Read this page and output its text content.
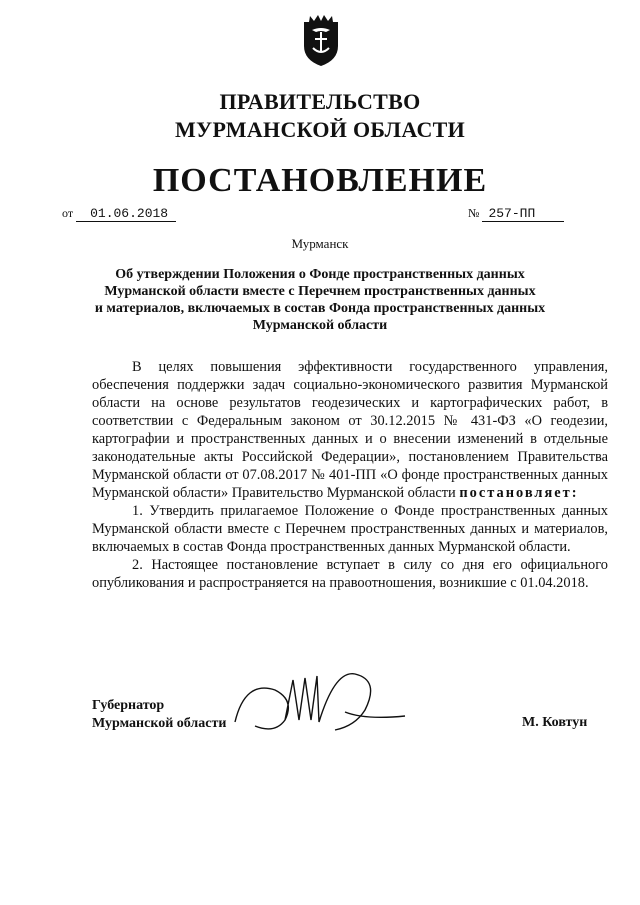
ПРАВИТЕЛЬСТВО
МУРМАНСКОЙ ОБЛАСТИ
ПОСТАНОВЛЕНИЕ
от 01.06.2018	№ 257-ПП
Мурманск
Об утверждении Положения о Фонде пространственных данных
Мурманской области вместе с Перечнем пространственных данных
и материалов, включаемых в состав Фонда пространственных данных
Мурманской области

В целях повышения эффективности государственного управления, обеспечения поддержки задач социально-экономического развития Мурманской области на основе результатов геодезических и картографических работ, в соответствии с Федеральным законом от 30.12.2015 № 431-ФЗ «О геодезии, картографии и пространственных данных и о внесении изменений в отдельные законодательные акты Российской Федерации», постановлением Правительства Мурманской области от 07.08.2017 № 401-ПП «О фонде пространственных данных Мурманской области» Правительство Мурманской области постановляет:

1. Утвердить прилагаемое Положение о Фонде пространственных данных Мурманской области вместе с Перечнем пространственных данных и материалов, включаемых в состав Фонда пространственных данных Мурманской области.

2. Настоящее постановление вступает в силу со дня его официального опубликования и распространяется на правоотношения, возникшие с 01.04.2018.

Губернатор
Мурманской области	М. Ковтун
